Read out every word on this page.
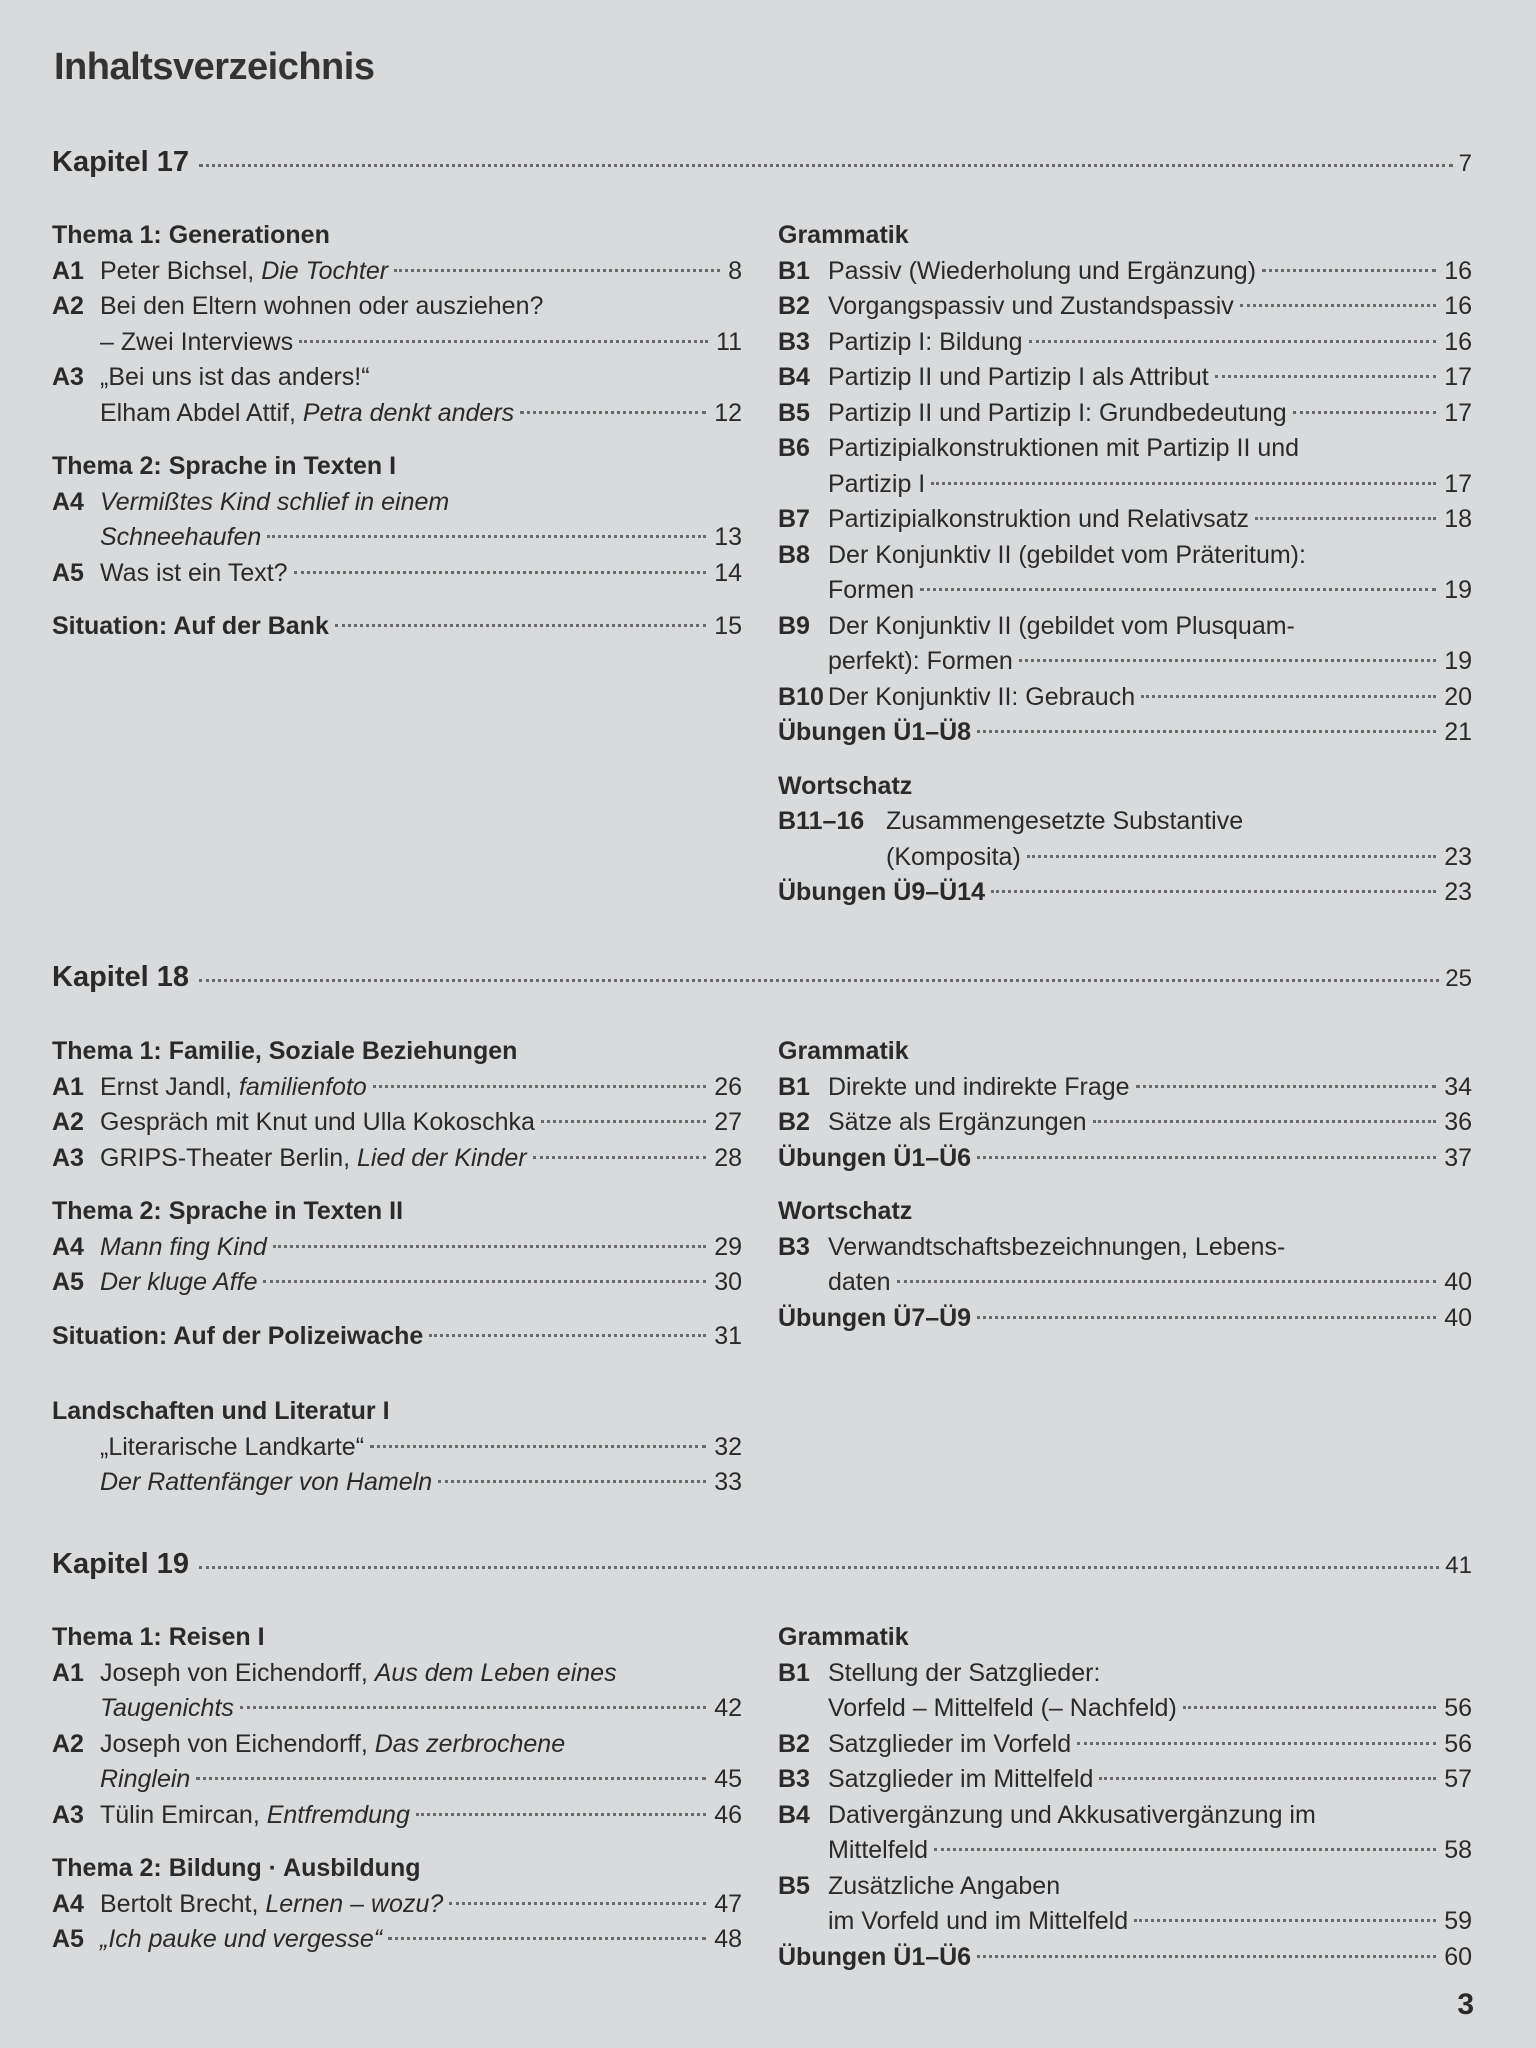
Inhaltsverzeichnis
Kapitel 17	7
Thema 1: Generationen
A1 Peter Bichsel, Die Tochter	8
A2 Bei den Eltern wohnen oder ausziehen?
– Zwei Interviews	11
A3 „Bei uns ist das anders!“
Elham Abdel Attif, Petra denkt anders	12
Thema 2: Sprache in Texten I
A4 Vermißtes Kind schlief in einem
Schneehaufen	13
A5 Was ist ein Text?	14
Situation: Auf der Bank	15
Grammatik
B1 Passiv (Wiederholung und Ergänzung)	16
B2 Vorgangspassiv und Zustandspassiv	16
B3 Partizip I: Bildung	16
B4 Partizip II und Partizip I als Attribut	17
B5 Partizip II und Partizip I: Grundbedeutung	17
B6 Partizipialkonstruktionen mit Partizip II und
Partizip I	17
B7 Partizipialkonstruktion und Relativsatz	18
B8 Der Konjunktiv II (gebildet vom Präteritum):
Formen	19
B9 Der Konjunktiv II (gebildet vom Plusquam-
perfekt): Formen	19
B10 Der Konjunktiv II: Gebrauch	20
Übungen Ü1–Ü8	21
Wortschatz
B11–16 Zusammengesetzte Substantive
(Komposita)	23
Übungen Ü9–Ü14	23
Kapitel 18	25
Thema 1: Familie, Soziale Beziehungen
A1 Ernst Jandl, familienfoto	26
A2 Gespräch mit Knut und Ulla Kokoschka	27
A3 GRIPS-Theater Berlin, Lied der Kinder	28
Thema 2: Sprache in Texten II
A4 Mann fing Kind	29
A5 Der kluge Affe	30
Situation: Auf der Polizeiwache	31
Landschaften und Literatur I
„Literarische Landkarte“	32
Der Rattenfänger von Hameln	33
Grammatik
B1 Direkte und indirekte Frage	34
B2 Sätze als Ergänzungen	36
Übungen Ü1–Ü6	37
Wortschatz
B3 Verwandtschaftsbezeichnungen, Lebens-
daten	40
Übungen Ü7–Ü9	40
Kapitel 19	41
Thema 1: Reisen I
A1 Joseph von Eichendorff, Aus dem Leben eines
Taugenichts	42
A2 Joseph von Eichendorff, Das zerbrochene
Ringlein	45
A3 Tülin Emircan, Entfremdung	46
Thema 2: Bildung · Ausbildung
A4 Bertolt Brecht, Lernen – wozu?	47
A5 „Ich pauke und vergesse“	48
Grammatik
B1 Stellung der Satzglieder:
Vorfeld – Mittelfeld (– Nachfeld)	56
B2 Satzglieder im Vorfeld	56
B3 Satzglieder im Mittelfeld	57
B4 Dativergänzung und Akkusativergänzung im
Mittelfeld	58
B5 Zusätzliche Angaben
im Vorfeld und im Mittelfeld	59
Übungen Ü1–Ü6	60
3
